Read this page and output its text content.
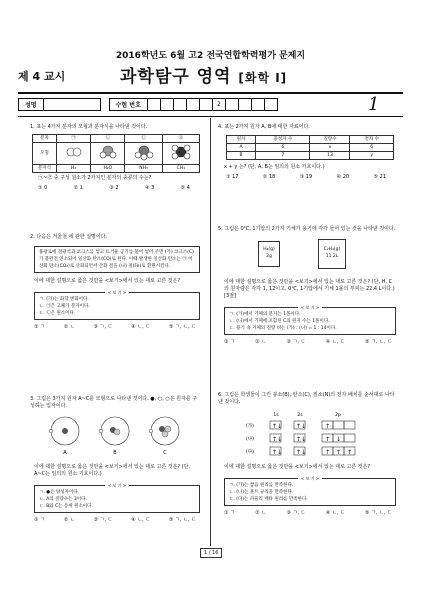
2016학년도 6월 고2 전국연합학력평가 문제지
제 4 교시	과학탐구 영역 [화학 Ⅰ]
성명	수험 번호	2	1
1. 표는 4가지 분자의 모형과 분자식을 나타낸 것이다.
분자	㉠	㉡	㉢	㉣
모형				
분자식	H₂	H₂O	NH₃	CH₄
㉠~㉣ 중 구성 원소가 2가지인 분자의 종류의 수는?
① 0	② 1	③ 2	④ 3	⑤ 4
2. 다음은 겨울철 에 관한 설명이다.
용광로에 철광석과 코크스를 넣고 뜨거운 공기를 불어 넣어 주면 (가) 코크스(C)가 불완전 연소되어 일산화 탄소(CO)로 된다. 이때 발생한 일산화 탄소는 ㉠ 이산화 탄소(CO₂)로 산화되면서 산화 철을 (나) 철(Fe)로 환원시킨다.
이에 대한 설명으로 옳은 것만을 <보기>에서 있는 대로 고른 것은?
< 보 기 >
ㄱ. (가)는 화학 변화이다.
ㄴ. ㉠은 고체가 분자이다.
ㄷ. ㉡은 원소이다.
① ㄱ	② ㄴ	③ ㄱ, ㄷ	④ ㄴ, ㄷ	⑤ ㄱ, ㄴ, ㄷ
3. 그림은 3가지 원자 A~C를 모형으로 나타낸 것이다. ●, ○, ○은 원자를 구성하는 입자이다.
A	B	C
이에 대한 설명으로 옳은 것만을 <보기>에서 있는 대로 고른 것은? (단, A~C는 임의의 원소 기호이다.)
< 보 기 >
ㄱ. ●은 양성자이다.
ㄴ. A의 질량수는 3이다.
ㄷ. B와 C는 동위 원소이다.
① ㄱ	② ㄴ	③ ㄱ, ㄷ	④ ㄴ, ㄷ	⑤ ㄱ, ㄴ, ㄷ
4. 표는 2가지 원자 A, B에 대한 자료이다.
원자	중성자 수	질량수	전자 수
A	6	x	6
B	7	13	y
x + y 는? (단, A, B는 임의의 원소 기호이다.)
① 17	② 18	③ 19	④ 20	⑤ 21
5. 그림은 0℃, 1기압의 2가지 기체가 용기에 각각 들어 있는 것을 나타낸 것이다.
H₂(g)
2g
C₂H₄(g)
11.2L
이에 대한 설명으로 옳은 것만을 <보기>에서 있는 대로 고른 것은? (단, H, C의 원자량은 각각 1, 12이고, 0℃, 1기압에서 기체 1몰의 부피는 22.4 L이다.) [3점]
< 보 기 >
ㄱ. (가)에서 기체의 분자는 1몰이다.
ㄴ. (나)에서 기체에 포함된 C의 원자 수는 1몰이다.
ㄷ. 용기 속 기체의 질량 비는 (가) : (나) = 1 : 14이다.
① ㄱ	② ㄴ	③ ㄱ, ㄷ	④ ㄴ, ㄷ	⑤ ㄱ, ㄴ, ㄷ
6. 그림은 학생들이 그린 붕소(B), 탄소(C), 질소(N)의 전자 배치를 순서대로 나타낸 것이다.
1s	2s	2p
(가)
(나)
(다)
↑↓ ↑↓	↑
↑↓ ↑↓	↑ ↓
↑↓ ↑↓	↑ ↑ ↑
이에 대한 설명으로 옳은 것만을 <보기>에서 있는 대로 고른 것은?
< 보 기 >
ㄱ. (가)는 쌓음 원리를 만족한다.
ㄴ. (나)는 훈트 규칙을 만족한다.
ㄷ. (다)는 파울리 배타 원리를 만족한다.
① ㄱ	② ㄴ	③ ㄱ, ㄷ	④ ㄴ, ㄷ	⑤ ㄱ, ㄴ, ㄷ
1 / 16
